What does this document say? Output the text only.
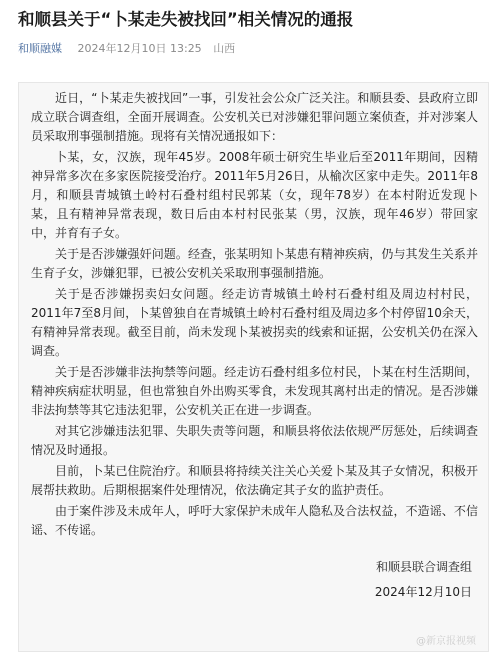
和顺县关于“卜某走失被找回”相关情况的通报
和顺融媒 2024年12月10日 13:25 山西

近日，“卜某走失被找回”一事，引发社会公众广泛关注。和顺县委、县政府立即成立联合调查组，全面开展调查。公安机关已对涉嫌犯罪问题立案侦查，并对涉案人员采取刑事强制措施。现将有关情况通报如下：

卜某，女，汉族，现年45岁。2008年硕士研究生毕业后至2011年期间，因精神异常多次在多家医院接受治疗。2011年5月26日，从榆次区家中走失。2011年8月，和顺县青城镇土岭村石叠村组村民郭某（女，现年78岁）在本村附近发现卜某，且有精神异常表现，数日后由本村村民张某（男，汉族，现年46岁）带回家中，并育有子女。

关于是否涉嫌强奸问题。经查，张某明知卜某患有精神疾病，仍与其发生关系并生育子女，涉嫌犯罪，已被公安机关采取刑事强制措施。

关于是否涉嫌拐卖妇女问题。经走访青城镇土岭村石叠村组及周边村村民，2011年7至8月间，卜某曾独自在青城镇土岭村石叠村组及周边多个村停留10余天，有精神异常表现。截至目前，尚未发现卜某被拐卖的线索和证据，公安机关仍在深入调查。

关于是否涉嫌非法拘禁等问题。经走访石叠村组多位村民，卜某在村生活期间，精神疾病症状明显，但也常独自外出购买零食，未发现其离村出走的情况。是否涉嫌非法拘禁等其它违法犯罪，公安机关正在进一步调查。

对其它涉嫌违法犯罪、失职失责等问题，和顺县将依法依规严厉惩处，后续调查情况及时通报。

目前，卜某已住院治疗。和顺县将持续关注关心关爱卜某及其子女情况，积极开展帮扶救助。后期根据案件处理情况，依法确定其子女的监护责任。

由于案件涉及未成年人，呼吁大家保护未成年人隐私及合法权益，不造谣、不信谣、不传谣。

和顺县联合调查组
2024年12月10日
@新京报视频
